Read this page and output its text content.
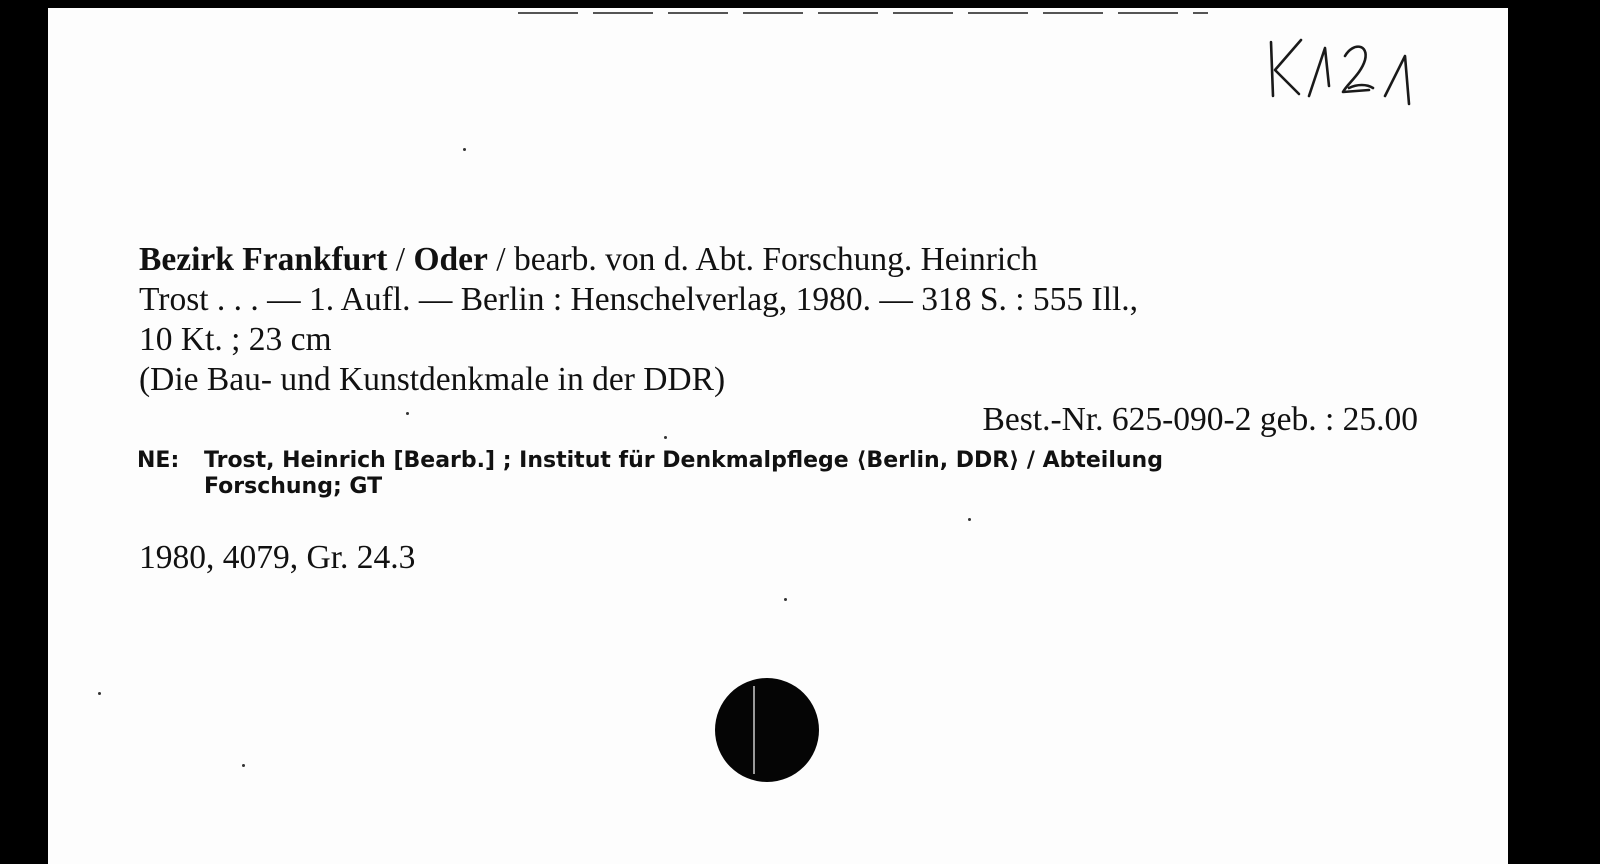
Bezirk Frankfurt / Oder / bearb. von d. Abt. Forschung. Heinrich
Trost . . . — 1. Aufl. — Berlin : Henschelverlag, 1980. — 318 S. : 555 Ill.,
10 Kt. ; 23 cm
(Die Bau- und Kunstdenkmale in der DDR)
Best.-Nr. 625-090-2 geb. : 25.00
NE: Trost, Heinrich [Bearb.] ; Institut für Denkmalpflege ⟨Berlin, DDR⟩ / Abteilung
Forschung; GT
1980, 4079, Gr. 24.3
